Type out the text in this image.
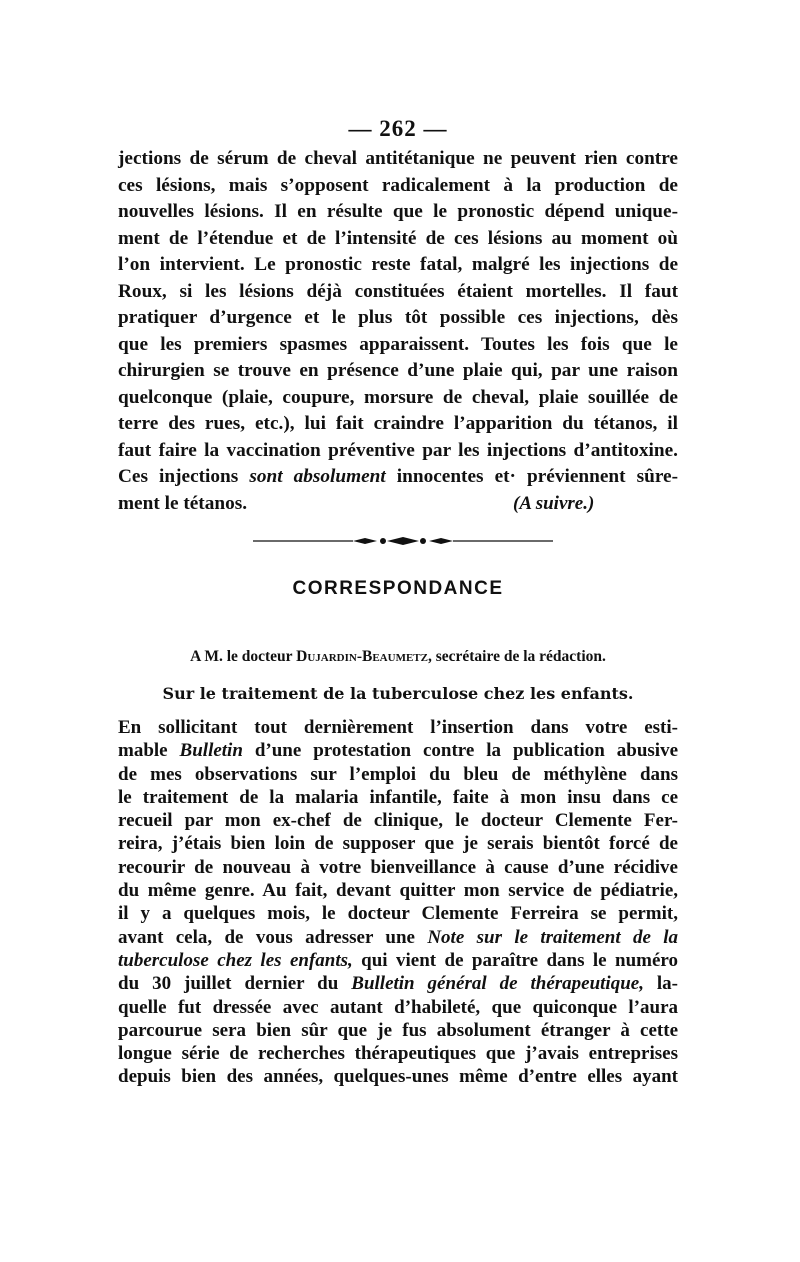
— 262 —
jections de sérum de cheval antitétanique ne peuvent rien contre
ces lésions, mais s’opposent radicalement à la production de
nouvelles lésions. Il en résulte que le pronostic dépend unique-
ment de l’étendue et de l’intensité de ces lésions au moment où
l’on intervient. Le pronostic reste fatal, malgré les injections de
Roux, si les lésions déjà constituées étaient mortelles. Il faut
pratiquer d’urgence et le plus tôt possible ces injections, dès
que les premiers spasmes apparaissent. Toutes les fois que le
chirurgien se trouve en présence d’une plaie qui, par une raison
quelconque (plaie, coupure, morsure de cheval, plaie souillée de
terre des rues, etc.), lui fait craindre l’apparition du tétanos, il
faut faire la vaccination préventive par les injections d’antitoxine.
Ces injections sont absolument innocentes et· préviennent sûre-
ment le tétanos.	(A suivre.)
CORRESPONDANCE
A M. le docteur Dujardin-Beaumetz, secrétaire de la rédaction.
Sur le traitement de la tuberculose chez les enfants.
En sollicitant tout dernièrement l’insertion dans votre esti-
mable Bulletin d’une protestation contre la publication abusive
de mes observations sur l’emploi du bleu de méthylène dans
le traitement de la malaria infantile, faite à mon insu dans ce
recueil par mon ex-chef de clinique, le docteur Clemente Fer-
reira, j’étais bien loin de supposer que je serais bientôt forcé de
recourir de nouveau à votre bienveillance à cause d’une récidive
du même genre. Au fait, devant quitter mon service de pédiatrie,
il y a quelques mois, le docteur Clemente Ferreira se permit,
avant cela, de vous adresser une Note sur le traitement de la
tuberculose chez les enfants, qui vient de paraître dans le numéro
du 30 juillet dernier du Bulletin général de thérapeutique, la-
quelle fut dressée avec autant d’habileté, que quiconque l’aura
parcourue sera bien sûr que je fus absolument étranger à cette
longue série de recherches thérapeutiques que j’avais entreprises
depuis bien des années, quelques-unes même d’entre elles ayant
